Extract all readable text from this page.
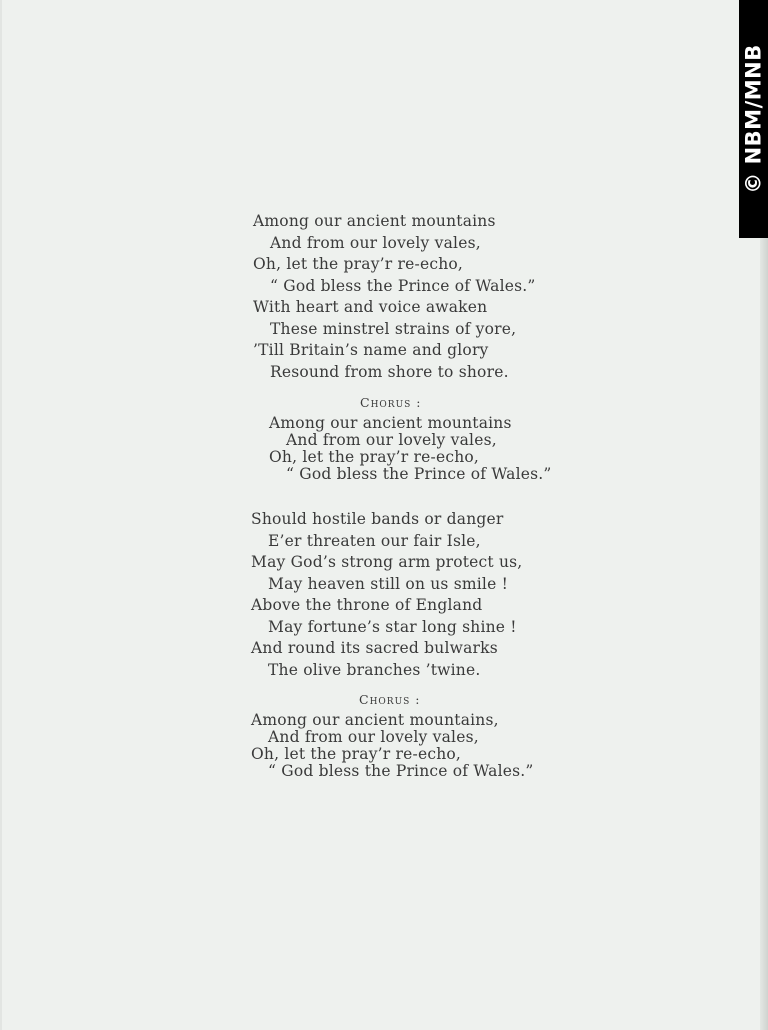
© NBM/MNB
Among our ancient mountains
And from our lovely vales,
Oh, let the pray’r re-echo,
“ God bless the Prince of Wales.”
With heart and voice awaken
These minstrel strains of yore,
’Till Britain’s name and glory
Resound from shore to shore.
Chorus :
Among our ancient mountains
And from our lovely vales,
Oh, let the pray’r re-echo,
“ God bless the Prince of Wales.”
Should hostile bands or danger
E’er threaten our fair Isle,
May God’s strong arm protect us,
May heaven still on us smile !
Above the throne of England
May fortune’s star long shine !
And round its sacred bulwarks
The olive branches ’twine.
Chorus :
Among our ancient mountains,
And from our lovely vales,
Oh, let the pray’r re-echo,
“ God bless the Prince of Wales.”
